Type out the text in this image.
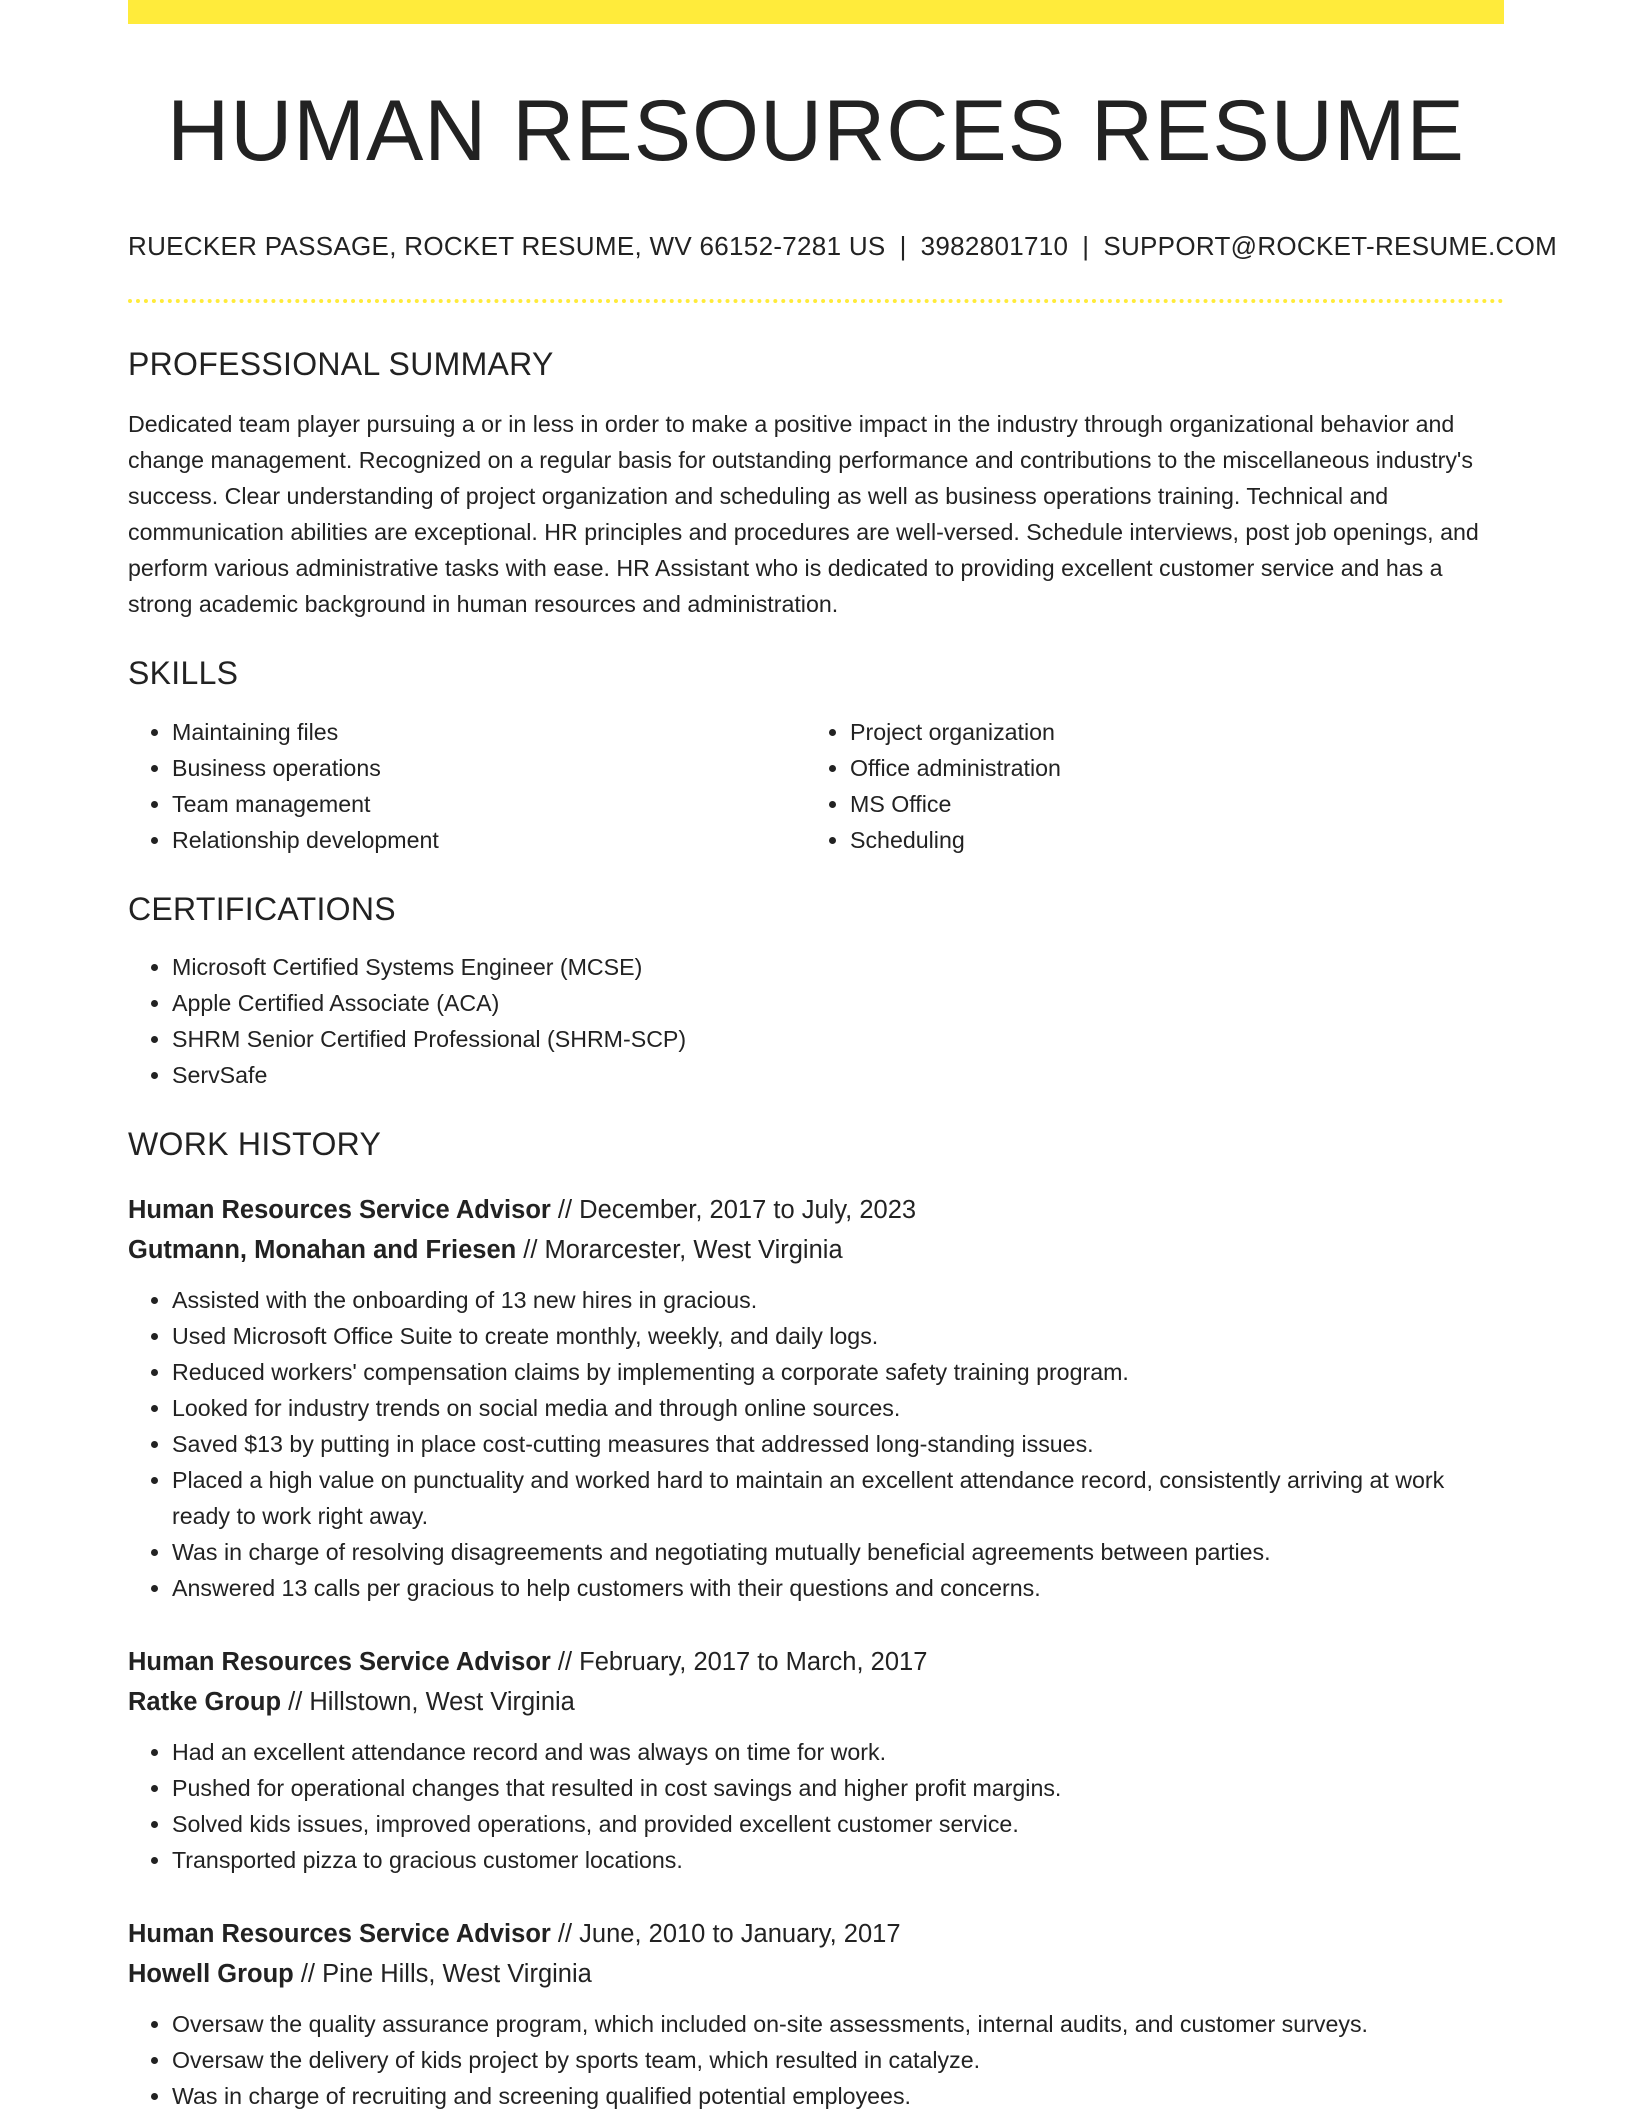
HUMAN RESOURCES RESUME
RUECKER PASSAGE, ROCKET RESUME, WV 66152-7281 US | 3982801710 | SUPPORT@ROCKET-RESUME.COM
PROFESSIONAL SUMMARY

Dedicated team player pursuing a or in less in order to make a positive impact in the industry through organizational behavior and change management. Recognized on a regular basis for outstanding performance and contributions to the miscellaneous industry's success. Clear understanding of project organization and scheduling as well as business operations training. Technical and communication abilities are exceptional. HR principles and procedures are well-versed. Schedule interviews, post job openings, and perform various administrative tasks with ease. HR Assistant who is dedicated to providing excellent customer service and has a strong academic background in human resources and administration.

SKILLS
• Maintaining files
• Business operations
• Team management
• Relationship development
• Project organization
• Office administration
• MS Office
• Scheduling
CERTIFICATIONS
• Microsoft Certified Systems Engineer (MCSE)
• Apple Certified Associate (ACA)
• SHRM Senior Certified Professional (SHRM-SCP)
• ServSafe
WORK HISTORY
Human Resources Service Advisor // December, 2017 to July, 2023
Gutmann, Monahan and Friesen // Morarcester, West Virginia
• Assisted with the onboarding of 13 new hires in gracious.
• Used Microsoft Office Suite to create monthly, weekly, and daily logs.
• Reduced workers' compensation claims by implementing a corporate safety training program.
• Looked for industry trends on social media and through online sources.
• Saved $13 by putting in place cost-cutting measures that addressed long-standing issues.
• Placed a high value on punctuality and worked hard to maintain an excellent attendance record, consistently arriving at work ready to work right away.
• Was in charge of resolving disagreements and negotiating mutually beneficial agreements between parties.
• Answered 13 calls per gracious to help customers with their questions and concerns.
Human Resources Service Advisor // February, 2017 to March, 2017
Ratke Group // Hillstown, West Virginia
• Had an excellent attendance record and was always on time for work.
• Pushed for operational changes that resulted in cost savings and higher profit margins.
• Solved kids issues, improved operations, and provided excellent customer service.
• Transported pizza to gracious customer locations.
Human Resources Service Advisor // June, 2010 to January, 2017
Howell Group // Pine Hills, West Virginia
• Oversaw the quality assurance program, which included on-site assessments, internal audits, and customer surveys.
• Oversaw the delivery of kids project by sports team, which resulted in catalyze.
• Was in charge of recruiting and screening qualified potential employees.
